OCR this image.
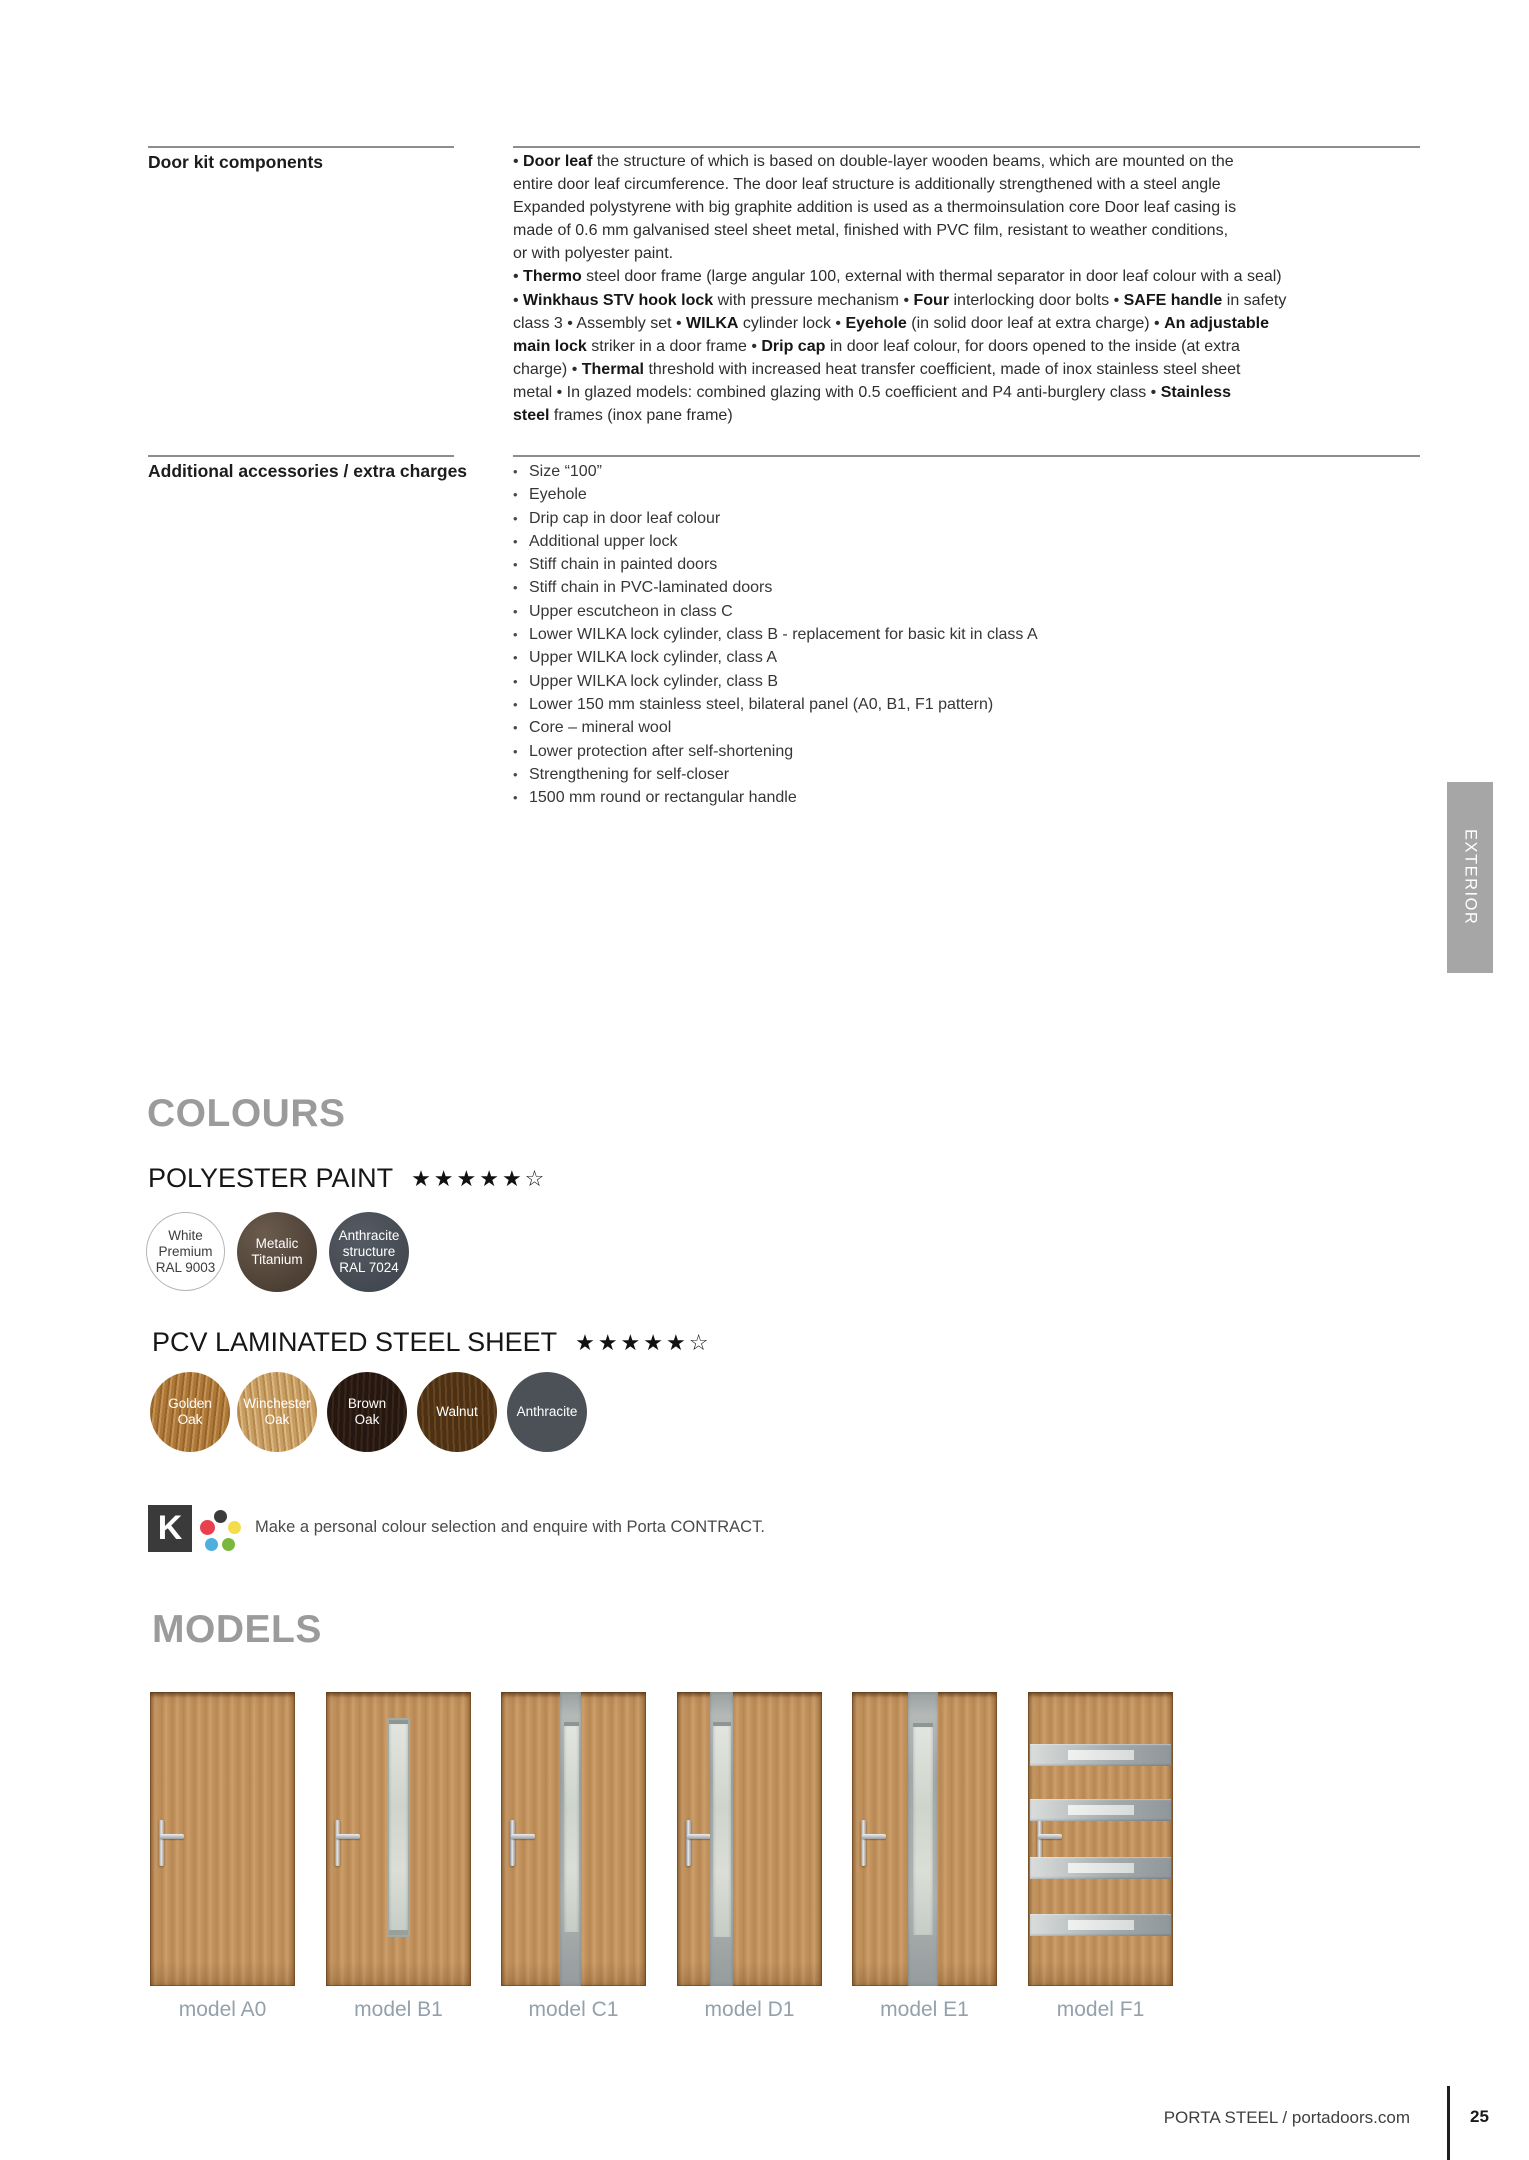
Door kit components	• Door leaf the structure of which is based on double-layer wooden beams, which are mounted on the
entire door leaf circumference. The door leaf structure is additionally strengthened with a steel angle
Expanded polystyrene with big graphite addition is used as a thermoinsulation core Door leaf casing is
made of 0.6 mm galvanised steel sheet metal, finished with PVC film, resistant to weather conditions,
or with polyester paint.
• Thermo steel door frame (large angular 100, external with thermal separator in door leaf colour with a seal)
• Winkhaus STV hook lock with pressure mechanism • Four interlocking door bolts • SAFE handle in safety
class 3 • Assembly set • WILKA cylinder lock • Eyehole (in solid door leaf at extra charge) • An adjustable
main lock striker in a door frame • Drip cap in door leaf colour, for doors opened to the inside (at extra
charge) • Thermal threshold with increased heat transfer coefficient, made of inox stainless steel sheet
metal • In glazed models: combined glazing with 0.5 coefficient and P4 anti-burglery class • Stainless
steel frames (inox pane frame)
Additional accessories / extra charges	• Size “100”
• Eyehole
• Drip cap in door leaf colour
• Additional upper lock
• Stiff chain in painted doors
• Stiff chain in PVC-laminated doors
• Upper escutcheon in class C
• Lower WILKA lock cylinder, class B - replacement for basic kit in class A
• Upper WILKA lock cylinder, class A
• Upper WILKA lock cylinder, class B
• Lower 150 mm stainless steel, bilateral panel (A0, B1, F1 pattern)
• Core – mineral wool
• Lower protection after self-shortening
• Strengthening for self-closer
• 1500 mm round or rectangular handle
EXTERIOR
COLOURS
POLYESTER PAINT ★★★★★☆
White
Premium
RAL 9003
Metalic
Titanium
Anthracite
structure
RAL 7024
PCV LAMINATED STEEL SHEET ★★★★★☆
Golden
Oak
Winchester
Oak
Brown
Oak
Walnut	Anthracite
K	Make a personal colour selection and enquire with Porta CONTRACT.
MODELS
model A0	model B1	model C1	model D1	model E1	model F1
PORTA STEEL / portadoors.com	25
